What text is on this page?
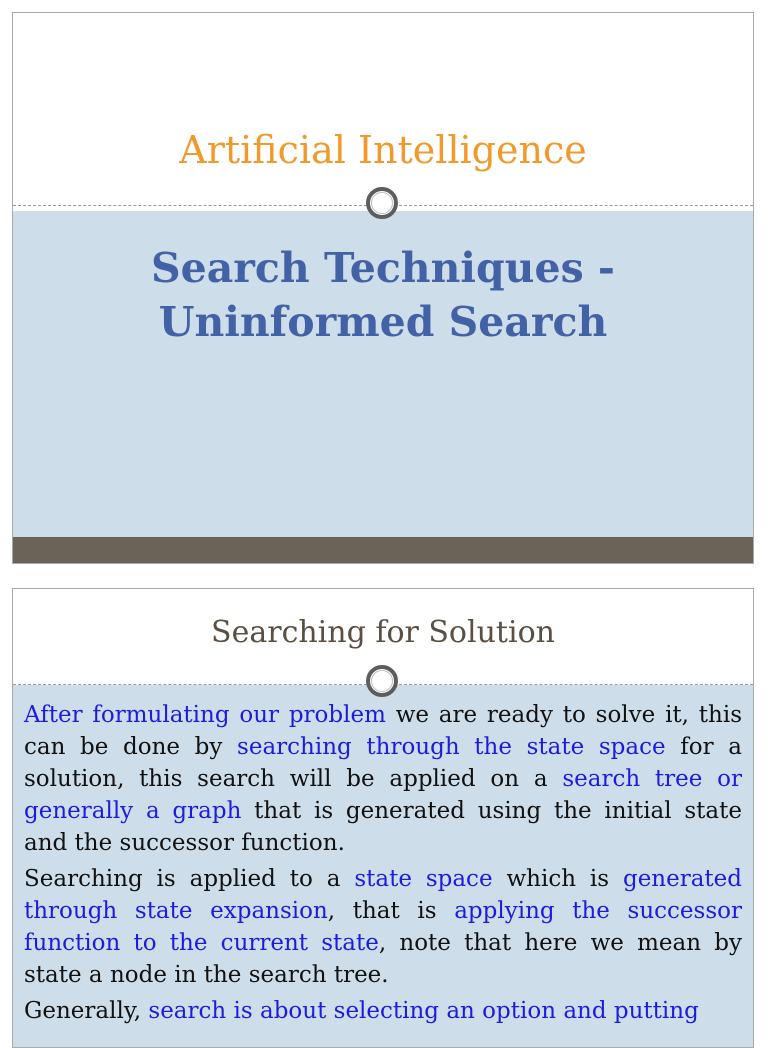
Artificial Intelligence
Search Techniques -
Uninformed Search
Searching for Solution

After formulating our problem we are ready to solve it, this can be done by searching through the state space for a solution, this search will be applied on a search tree or generally a graph that is generated using the initial state and the successor function.

Searching is applied to a state space which is generated through state expansion, that is applying the successor function to the current state, note that here we mean by state a node in the search tree.

Generally, search is about selecting an option and putting
